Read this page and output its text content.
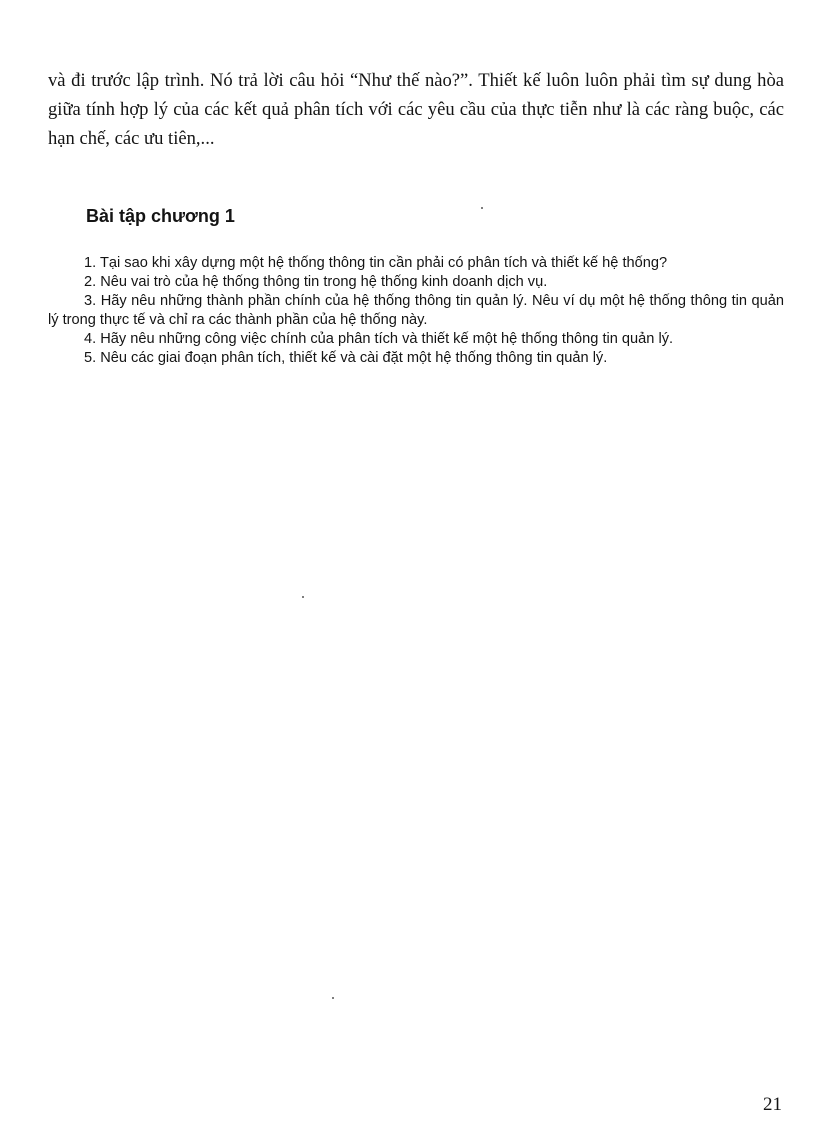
và đi trước lập trình. Nó trả lời câu hỏi “Như thế nào?”. Thiết kế luôn luôn phải tìm sự dung hòa giữa tính hợp lý của các kết quả phân tích với các yêu cầu của thực tiễn như là các ràng buộc, các hạn chế, các ưu tiên,...

Bài tập chương 1
1. Tại sao khi xây dựng một hệ thống thông tin cần phải có phân tích và thiết kế hệ thống?
2. Nêu vai trò của hệ thống thông tin trong hệ thống kinh doanh dịch vụ.
3. Hãy nêu những thành phần chính của hệ thống thông tin quản lý. Nêu ví dụ một hệ thống thông tin quản lý trong thực tế và chỉ ra các thành phần của hệ thống này.
4. Hãy nêu những công việc chính của phân tích và thiết kế một hệ thống thông tin quản lý.
5. Nêu các giai đoạn phân tích, thiết kế và cài đặt một hệ thống thông tin quản lý.

21
